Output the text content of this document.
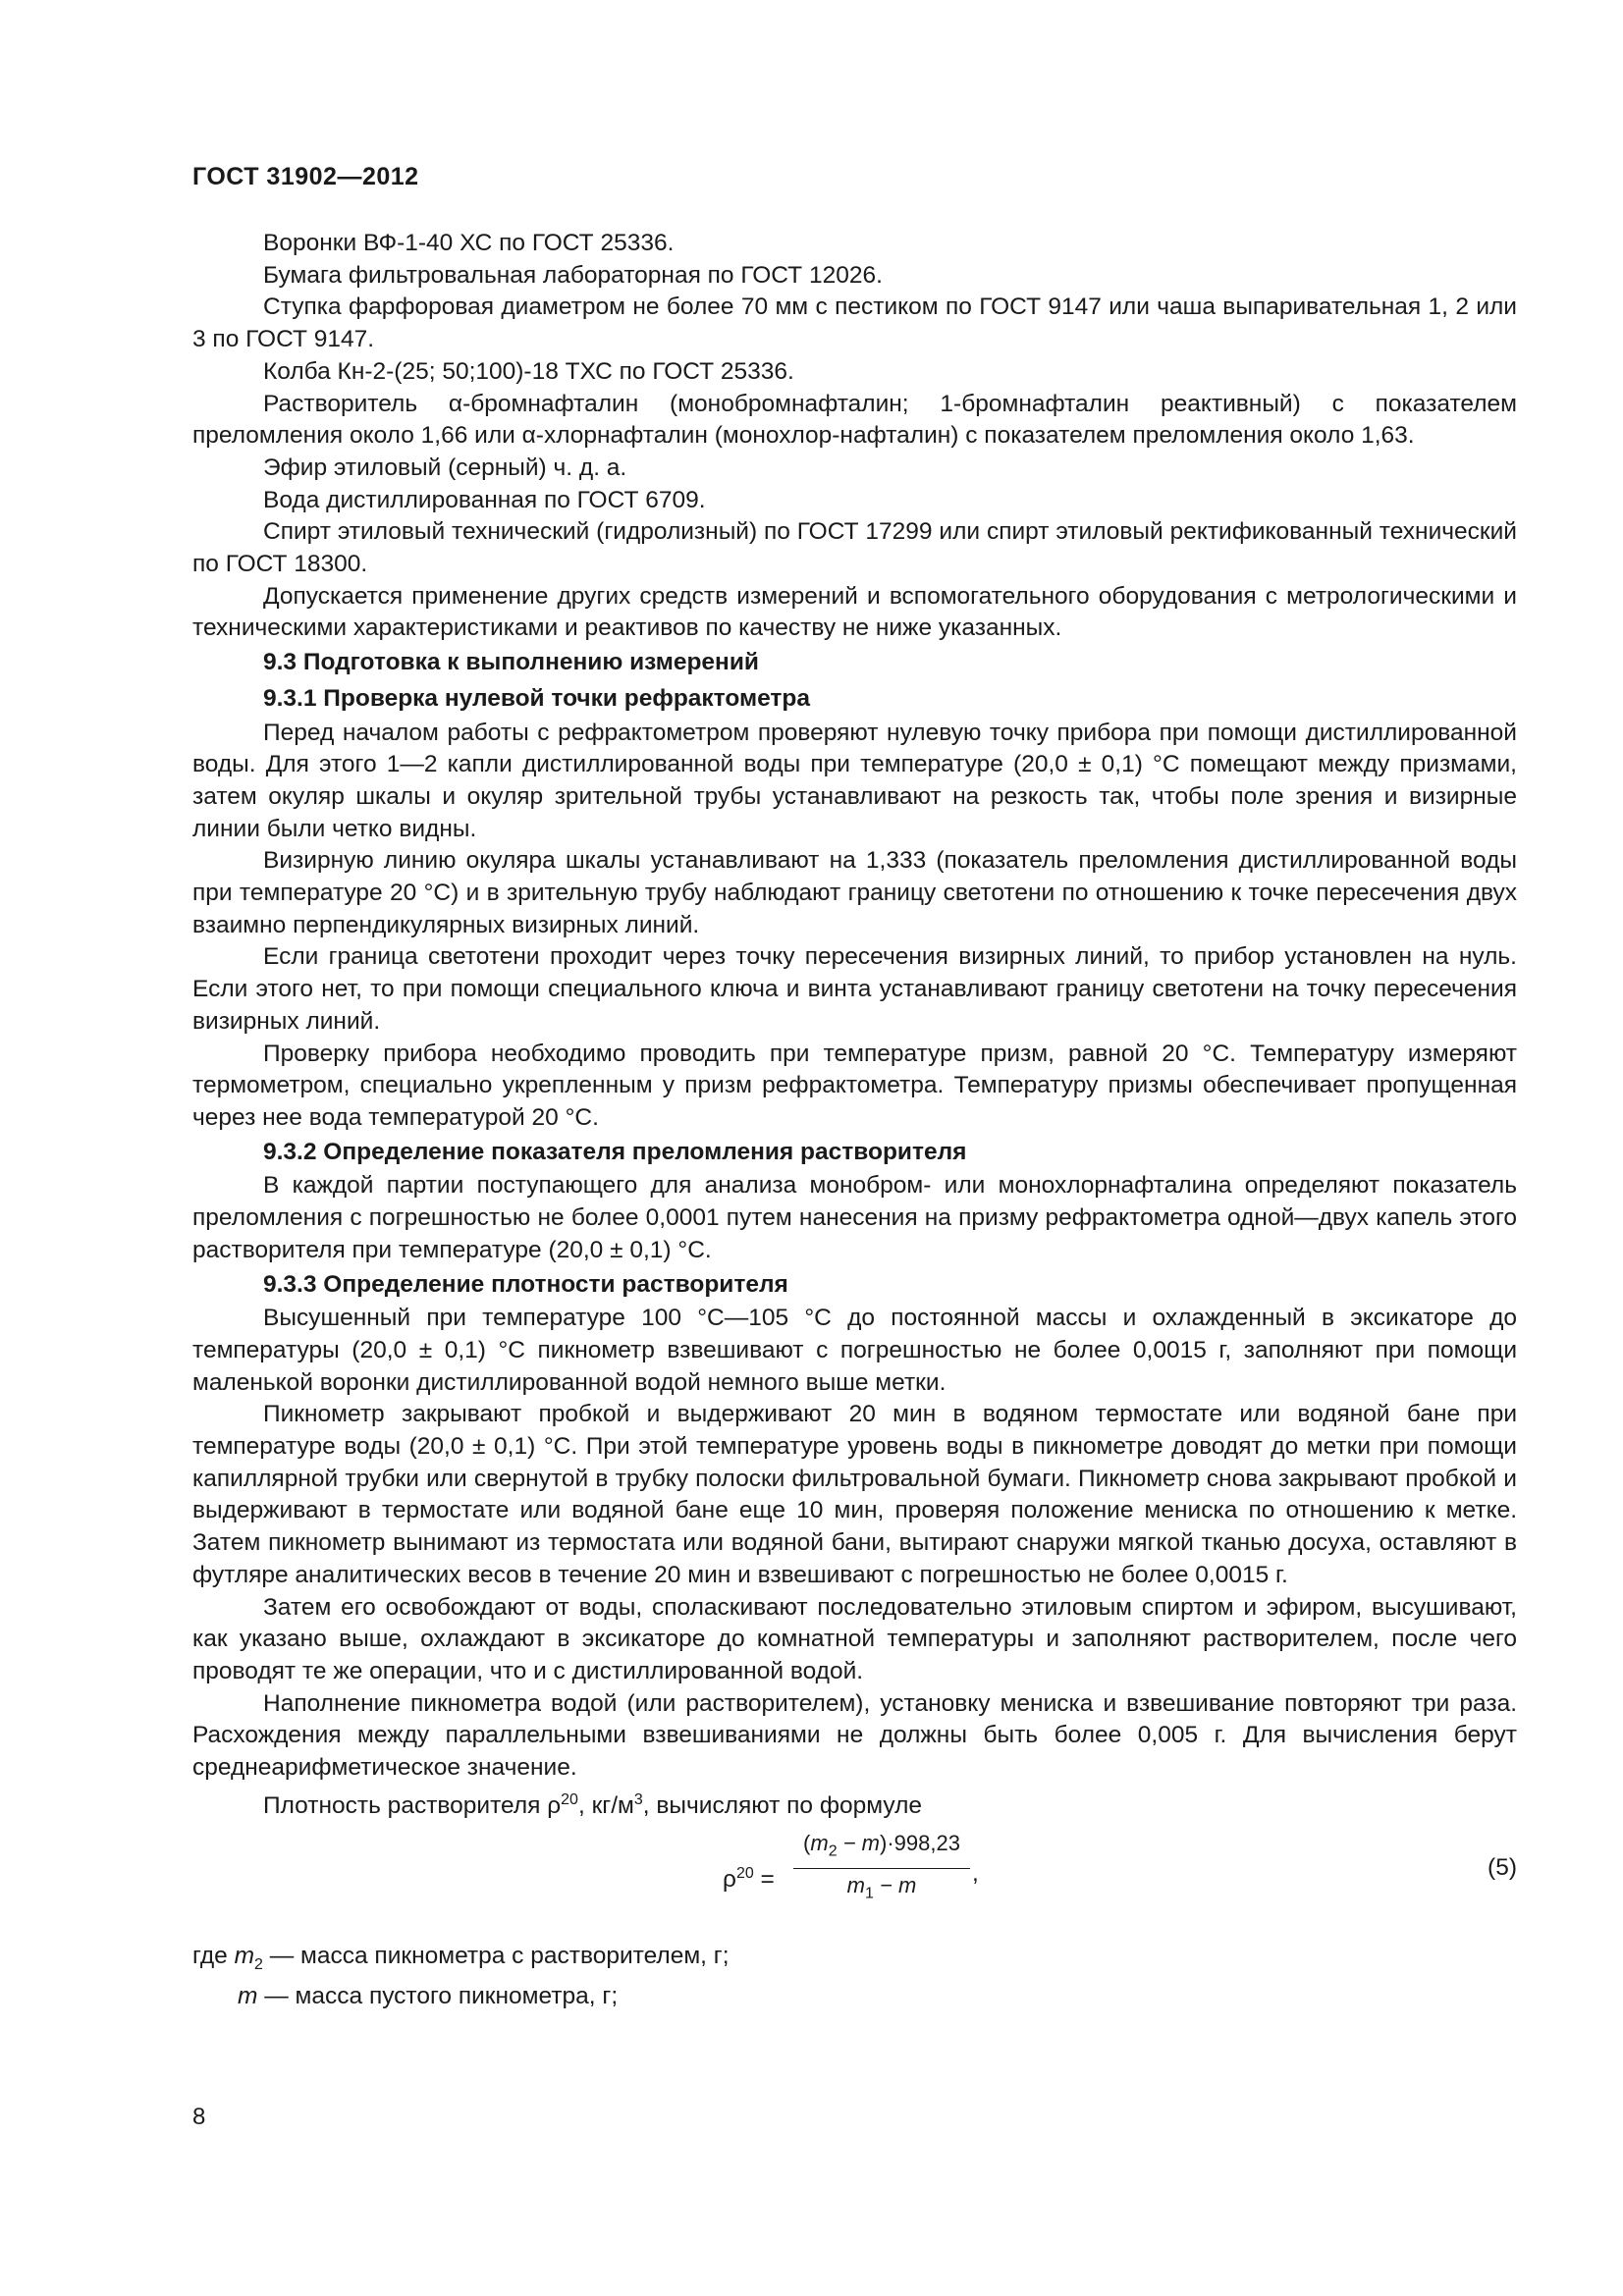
ГОСТ 31902—2012

Воронки ВФ-1-40 ХС по ГОСТ 25336.

Бумага фильтровальная лабораторная по ГОСТ 12026.

Ступка фарфоровая диаметром не более 70 мм с пестиком по ГОСТ 9147 или чаша выпаривательная 1, 2 или 3 по ГОСТ 9147.

Колба Кн-2-(25; 50;100)-18 ТХС по ГОСТ 25336.

Растворитель α-бромнафталин (монобромнафталин; 1-бромнафталин реактивный) с показателем преломления около 1,66 или α-хлорнафталин (монохлор-нафталин) с показателем преломления около 1,63.

Эфир этиловый (серный) ч. д. а.

Вода дистиллированная по ГОСТ 6709.

Спирт этиловый технический (гидролизный) по ГОСТ 17299 или спирт этиловый ректификованный технический по ГОСТ 18300.

Допускается применение других средств измерений и вспомогательного оборудования с метрологическими и техническими характеристиками и реактивов по качеству не ниже указанных.

9.3 Подготовка к выполнению измерений
9.3.1 Проверка нулевой точки рефрактометра

Перед началом работы с рефрактометром проверяют нулевую точку прибора при помощи дистиллированной воды. Для этого 1—2 капли дистиллированной воды при температуре (20,0 ± 0,1) °С помещают между призмами, затем окуляр шкалы и окуляр зрительной трубы устанавливают на резкость так, чтобы поле зрения и визирные линии были четко видны.

Визирную линию окуляра шкалы устанавливают на 1,333 (показатель преломления дистиллированной воды при температуре 20 °С) и в зрительную трубу наблюдают границу светотени по отношению к точке пересечения двух взаимно перпендикулярных визирных линий.

Если граница светотени проходит через точку пересечения визирных линий, то прибор установлен на нуль. Если этого нет, то при помощи специального ключа и винта устанавливают границу светотени на точку пересечения визирных линий.

Проверку прибора необходимо проводить при температуре призм, равной 20 °С. Температуру измеряют термометром, специально укрепленным у призм рефрактометра. Температуру призмы обеспечивает пропущенная через нее вода температурой 20 °С.

9.3.2 Определение показателя преломления растворителя

В каждой партии поступающего для анализа монобром- или монохлорнафталина определяют показатель преломления с погрешностью не более 0,0001 путем нанесения на призму рефрактометра одной—двух капель этого растворителя при температуре (20,0 ± 0,1) °С.

9.3.3 Определение плотности растворителя

Высушенный при температуре 100 °С—105 °С до постоянной массы и охлажденный в эксикаторе до температуры (20,0 ± 0,1) °С пикнометр взвешивают с погрешностью не более 0,0015 г, заполняют при помощи маленькой воронки дистиллированной водой немного выше метки.

Пикнометр закрывают пробкой и выдерживают 20 мин в водяном термостате или водяной бане при температуре воды (20,0 ± 0,1) °С. При этой температуре уровень воды в пикнометре доводят до метки при помощи капиллярной трубки или свернутой в трубку полоски фильтровальной бумаги. Пикнометр снова закрывают пробкой и выдерживают в термостате или водяной бане еще 10 мин, проверяя положение мениска по отношению к метке. Затем пикнометр вынимают из термостата или водяной бани, вытирают снаружи мягкой тканью досуха, оставляют в футляре аналитических весов в течение 20 мин и взвешивают с погрешностью не более 0,0015 г.

Затем его освобождают от воды, споласкивают последовательно этиловым спиртом и эфиром, высушивают, как указано выше, охлаждают в эксикаторе до комнатной температуры и заполняют растворителем, после чего проводят те же операции, что и с дистиллированной водой.

Наполнение пикнометра водой (или растворителем), установку мениска и взвешивание повторяют три раза. Расхождения между параллельными взвешиваниями не должны быть более 0,005 г. Для вычисления берут среднеарифметическое значение.

Плотность растворителя $\rho^{20}$, $кг/м^3$, вычисляют по формуле

$\rho^{20} = \frac{(m_2 - m)\cdot 998,23}{m_1 - m}$ ,	(5)
где $m_2$ — масса пикнометра с растворителем, г;
m — масса пустого пикнометра, г;
8
